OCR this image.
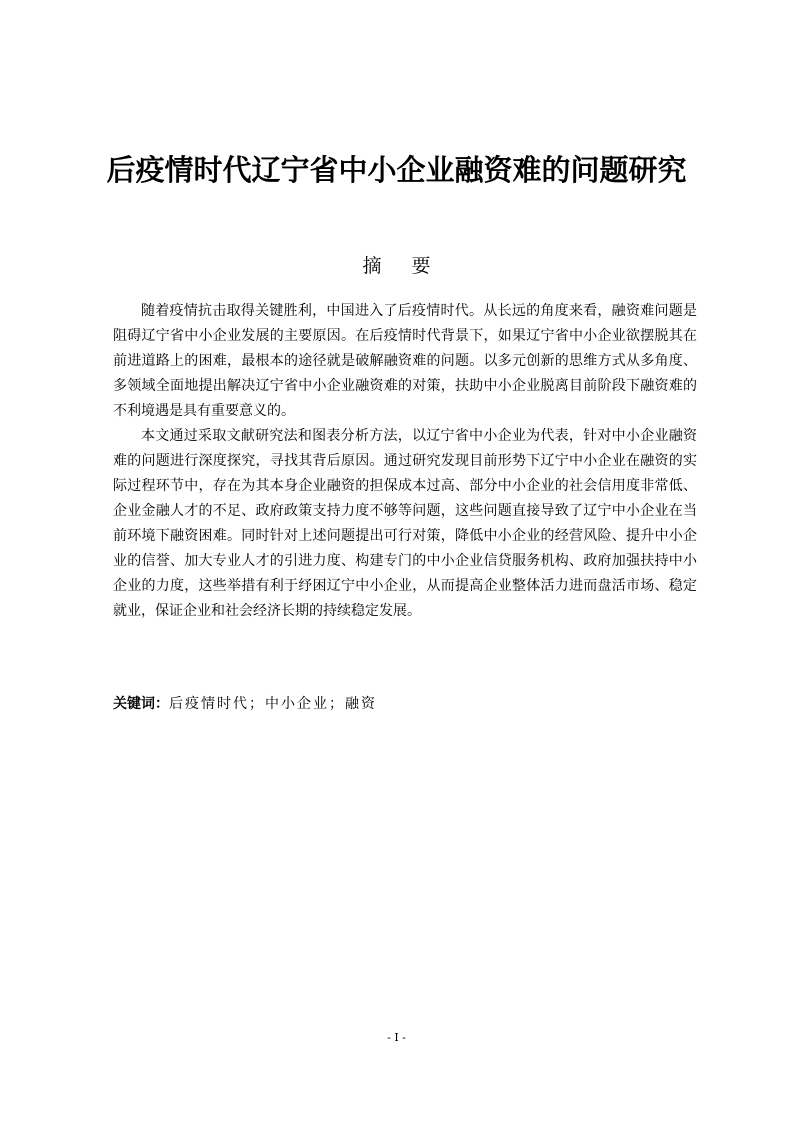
后疫情时代辽宁省中小企业融资难的问题研究
摘要

随着疫情抗击取得关键胜利，中国进入了后疫情时代。从长远的角度来看，融资难问题是阻碍辽宁省中小企业发展的主要原因。在后疫情时代背景下，如果辽宁省中小企业欲摆脱其在前进道路上的困难，最根本的途径就是破解融资难的问题。以多元创新的思维方式从多角度、多领域全面地提出解决辽宁省中小企业融资难的对策，扶助中小企业脱离目前阶段下融资难的不利境遇是具有重要意义的。

本文通过采取文献研究法和图表分析方法，以辽宁省中小企业为代表，针对中小企业融资难的问题进行深度探究，寻找其背后原因。通过研究发现目前形势下辽宁中小企业在融资的实际过程环节中，存在为其本身企业融资的担保成本过高、部分中小企业的社会信用度非常低、企业金融人才的不足、政府政策支持力度不够等问题，这些问题直接导致了辽宁中小企业在当前环境下融资困难。同时针对上述问题提出可行对策，降低中小企业的经营风险、提升中小企业的信誉、加大专业人才的引进力度、构建专门的中小企业信贷服务机构、政府加强扶持中小企业的力度，这些举措有利于纾困辽宁中小企业，从而提高企业整体活力进而盘活市场、稳定就业，保证企业和社会经济长期的持续稳定发展。

关键词：后疫情时代；中小企业；融资
- I -
